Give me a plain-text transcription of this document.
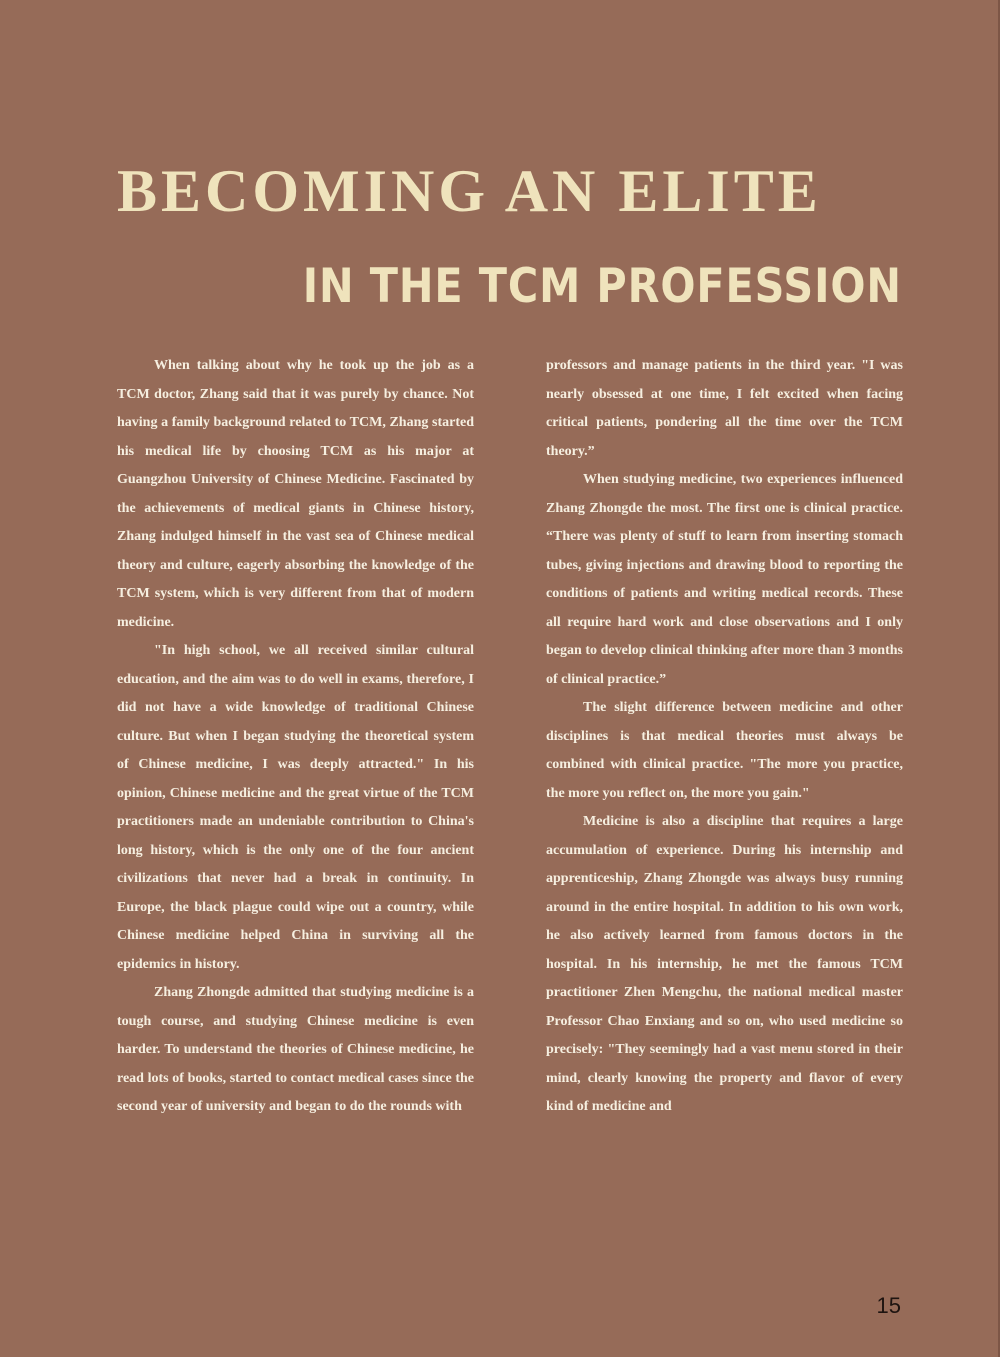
BECOMING AN ELITE
IN THE TCM PROFESSION

When talking about why he took up the job as a TCM doctor, Zhang said that it was purely by chance. Not having a family background related to TCM, Zhang started his medical life by choosing TCM as his major at Guangzhou University of Chinese Medicine. Fascinated by the achievements of medical giants in Chinese history, Zhang indulged himself in the vast sea of Chinese medical theory and culture, eagerly absorbing the knowledge of the TCM system, which is very different from that of modern medicine.

"In high school, we all received similar cultural education, and the aim was to do well in exams, therefore, I did not have a wide knowledge of traditional Chinese culture. But when I began studying the theoretical system of Chinese medicine, I was deeply attracted." In his opinion, Chinese medicine and the great virtue of the TCM practitioners made an undeniable contribution to China's long history, which is the only one of the four ancient civilizations that never had a break in continuity. In Europe, the black plague could wipe out a country, while Chinese medicine helped China in surviving all the epidemics in history.

Zhang Zhongde admitted that studying medicine is a tough course, and studying Chinese medicine is even harder. To understand the theories of Chinese medicine, he read lots of books, started to contact medical cases since the second year of university and began to do the rounds with

professors and manage patients in the third year. "I was nearly obsessed at one time, I felt excited when facing critical patients, pondering all the time over the TCM theory.”

When studying medicine, two experiences influenced Zhang Zhongde the most. The first one is clinical practice. “There was plenty of stuff to learn from inserting stomach tubes, giving injections and drawing blood to reporting the conditions of patients and writing medical records. These all require hard work and close observations and I only began to develop clinical thinking after more than 3 months of clinical practice.”

The slight difference between medicine and other disciplines is that medical theories must always be combined with clinical practice. "The more you practice, the more you reflect on, the more you gain."

Medicine is also a discipline that requires a large accumulation of experience. During his internship and apprenticeship, Zhang Zhongde was always busy running around in the entire hospital. In addition to his own work, he also actively learned from famous doctors in the hospital. In his internship, he met the famous TCM practitioner Zhen Mengchu, the national medical master Professor Chao Enxiang and so on, who used medicine so precisely: "They seemingly had a vast menu stored in their mind, clearly knowing the property and flavor of every kind of medicine and

15
